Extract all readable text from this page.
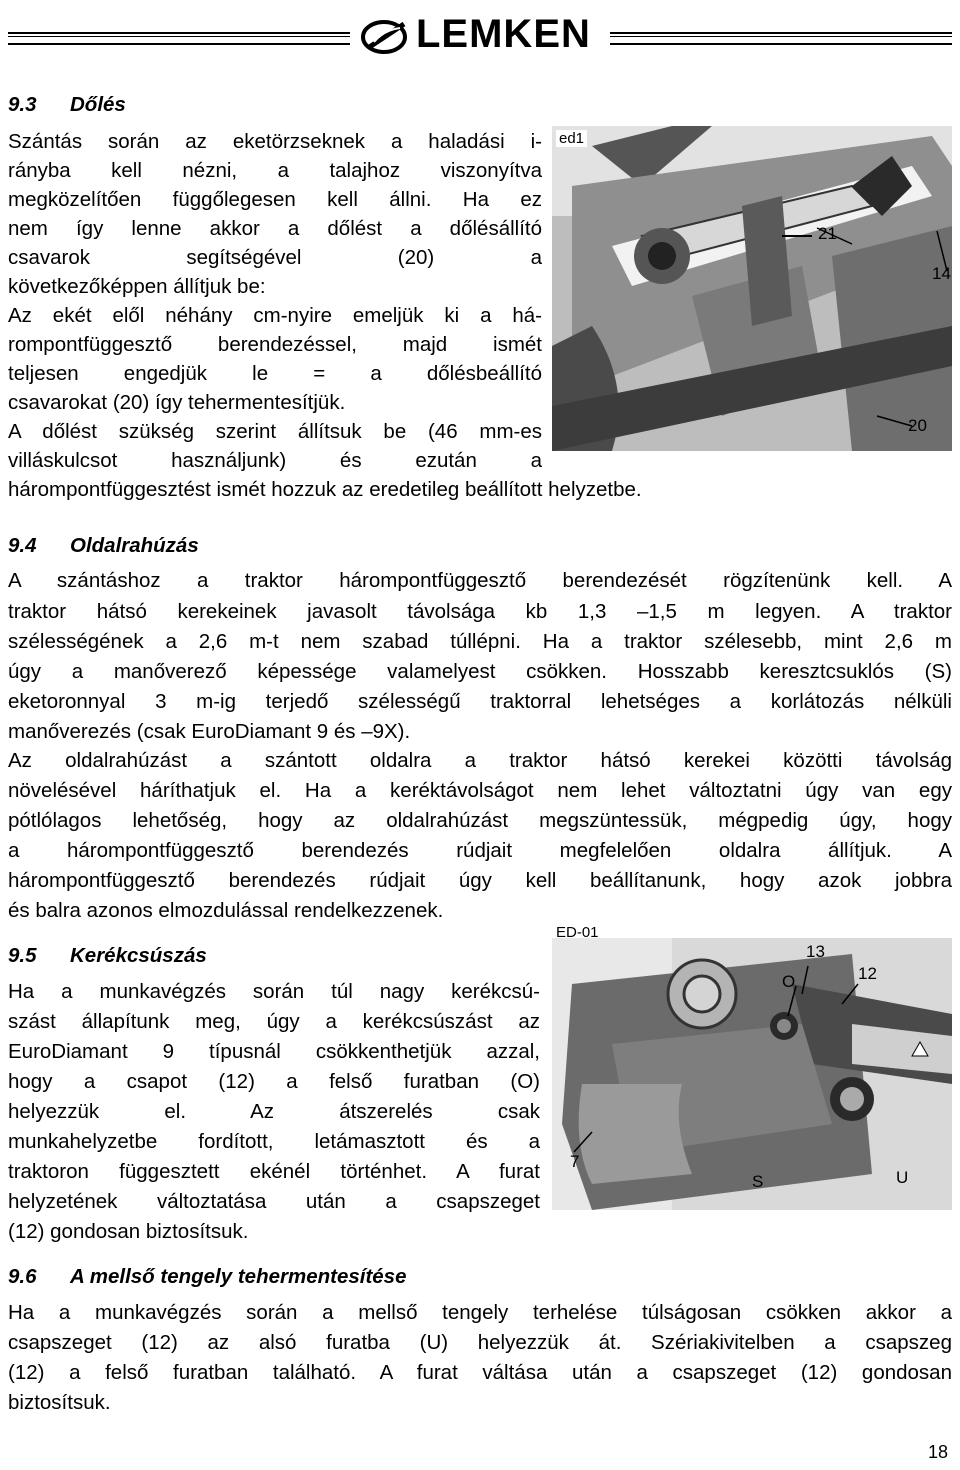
LEMKEN
9.3 Dőlés
Szántás során az eketörzseknek a haladási i-
rányba kell nézni, a talajhoz viszonyítva
megközelítően függőlegesen kell állni. Ha ez
nem így lenne akkor a dőlést a dőlésállító
csavarok segítségével (20) a
következőképpen állítjuk be:
Az ekét elől néhány cm-nyire emeljük ki a há-
rompontfüggesztő berendezéssel, majd ismét
teljesen engedjük le = a dőlésbeállító
csavarokat (20) így tehermentesítjük.
A dőlést szükség szerint állítsuk be (46 mm-es
villáskulcsot használjunk) és ezután a
hárompontfüggesztést ismét hozzuk az eredetileg beállított helyzetbe.
ed1
21
14
20
9.4 Oldalrahúzás
A szántáshoz a traktor hárompontfüggesztő berendezését rögzítenünk kell. A
traktor hátsó kerekeinek javasolt távolsága kb 1,3 –1,5 m legyen. A traktor
szélességének a 2,6 m-t nem szabad túllépni. Ha a traktor szélesebb, mint 2,6 m
úgy a manőverező képessége valamelyest csökken. Hosszabb keresztcsuklós (S)
eketoronnyal 3 m-ig terjedő szélességű traktorral lehetséges a korlátozás nélküli
manőverezés (csak EuroDiamant 9 és –9X).
Az oldalrahúzást a szántott oldalra a traktor hátsó kerekei közötti távolság
növelésével háríthatjuk el. Ha a keréktávolságot nem lehet változtatni úgy van egy
pótlólagos lehetőség, hogy az oldalrahúzást megszüntessük, mégpedig úgy, hogy
a hárompontfüggesztő berendezés rúdjait megfelelően oldalra állítjuk. A
hárompontfüggesztő berendezés rúdjait úgy kell beállítanunk, hogy azok jobbra
és balra azonos elmozdulással rendelkezzenek.
9.5 Kerékcsúszás
Ha a munkavégzés során túl nagy kerékcsú-
szást állapítunk meg, úgy a kerékcsúszást az
EuroDiamant 9 típusnál csökkenthetjük azzal,
hogy a csapot (12) a felső furatban (O)
helyezzük el. Az átszerelés csak
munkahelyzetbe fordított, letámasztott és a
traktoron függesztett ekénél történhet. A furat
helyzetének változtatása után a csapszeget
(12) gondosan biztosítsuk.
ED-01
13
O	12
7
S	U
9.6 A mellső tengely tehermentesítése
Ha a munkavégzés során a mellső tengely terhelése túlságosan csökken akkor a
csapszeget (12) az alsó furatba (U) helyezzük át. Szériakivitelben a csapszeg
(12) a felső furatban található. A furat váltása után a csapszeget (12) gondosan
biztosítsuk.
18
